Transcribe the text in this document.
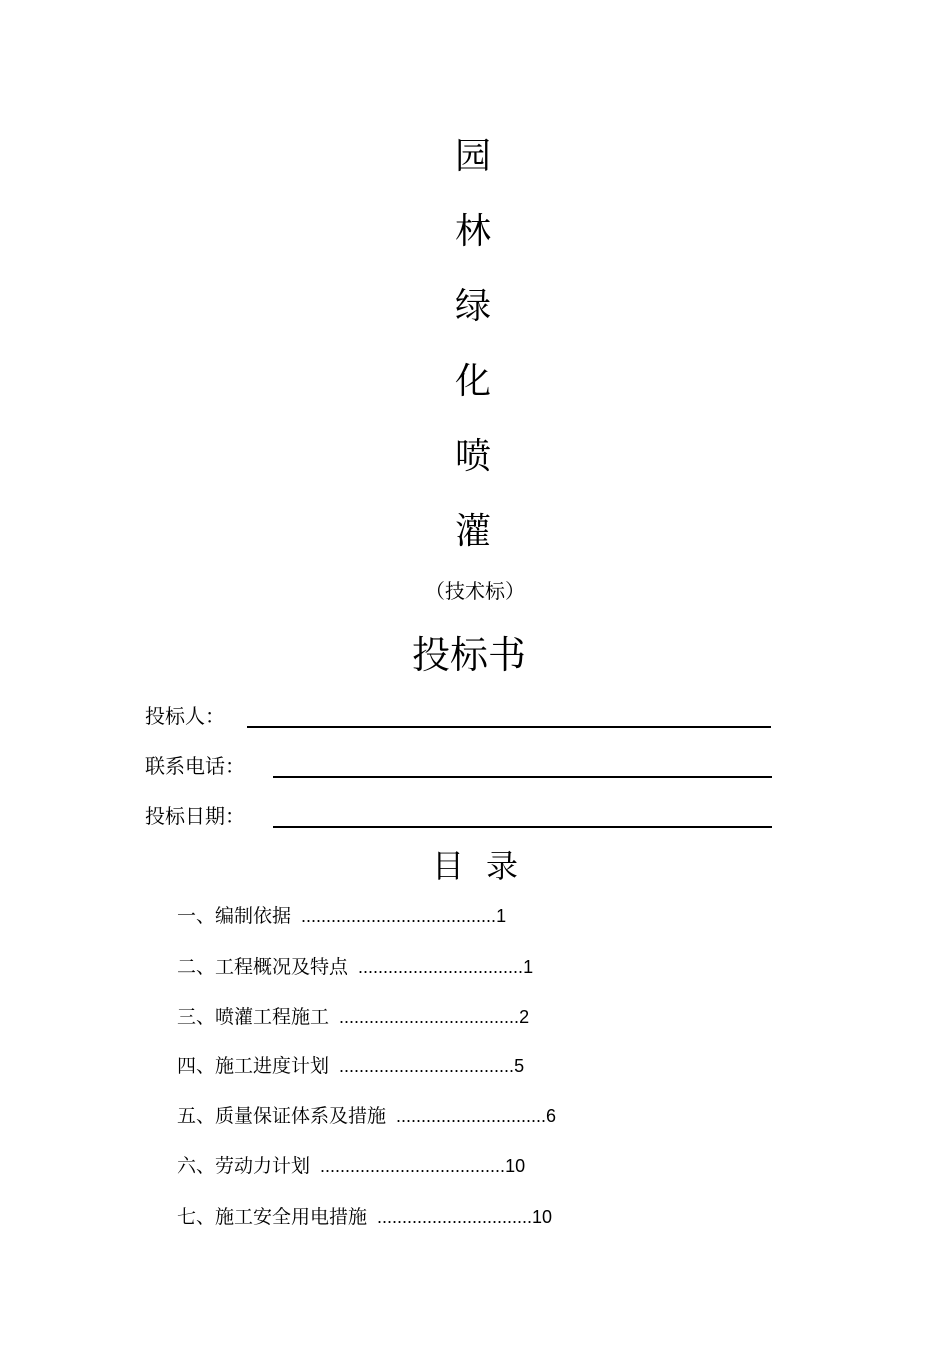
园
林
绿
化
喷
灌
（技术标）
投标书
投标人：
联系电话：
投标日期：
目录
一、编制依据 .......................................1
二、工程概况及特点 .................................1
三、喷灌工程施工 ....................................2
四、施工进度计划 ...................................5
五、质量保证体系及措施 ..............................6
六、劳动力计划 .....................................10
七、施工安全用电措施 ...............................10
